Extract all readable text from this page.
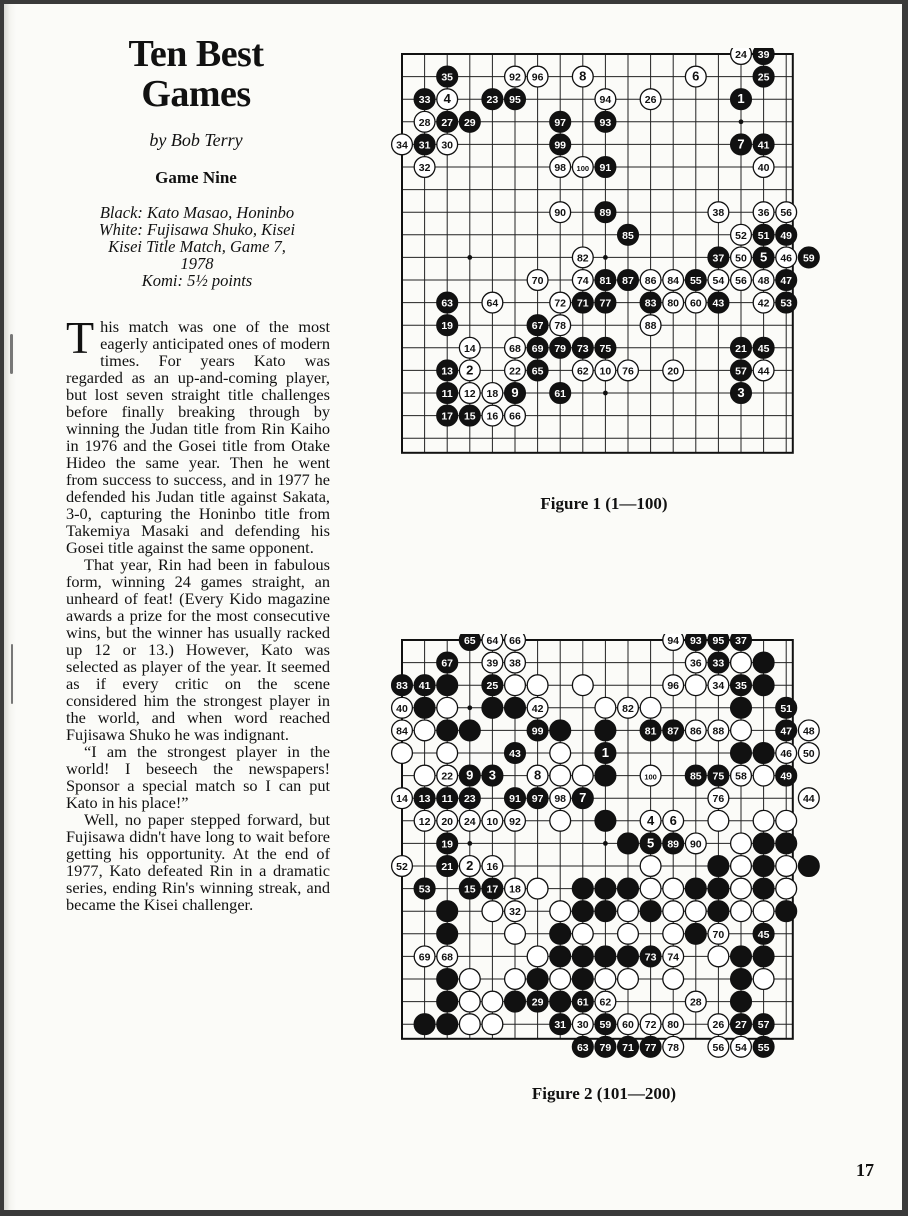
Ten Best Games
by Bob Terry
Game Nine
Black: Kato Masao, Honinbo
White: Fujisawa Shuko, Kisei
Kisei Title Match, Game 7,
1978
Komi: 5½ points

This match was one of the most eagerly anticipated ones of modern times. For years Kato was regarded as an up-and-coming player, but lost seven straight title challenges before finally breaking through by winning the Judan title from Rin Kaiho in 1976 and the Gosei title from Otake Hideo the same year. Then he went from success to success, and in 1977 he defended his Judan title against Sakata, 3-0, capturing the Honinbo title from Takemiya Masaki and defending his Gosei title against the same opponent.

That year, Rin had been in fabulous form, winning 24 games straight, an unheard of feat! (Every Kido magazine awards a prize for the most consecutive wins, but the winner has usually racked up 12 or 13.) However, Kato was selected as player of the year. It seemed as if every critic on the scene considered him the strongest player in the world, and when word reached Fujisawa Shuko he was indignant.

“I am the strongest player in the world! I beseech the newspapers! Sponsor a special match so I can put Kato in his place!”

Well, no paper stepped forward, but Fujisawa didn't have long to wait before getting his opportunity. At the end of 1977, Kato defeated Rin in a dramatic series, ending Rin's winning streak, and became the Kisei challenger.

24 39
35	92 96	8	6	25
33 4	23 95	94	26	1
28 27 29	97	93
34 31 30	99	7 41
32	98 100 91	40
90	89	38	36 56
85	52 51 49
82	37 50 5 46 59
70	74 81 87 86 84 55 54 56 48 47
63	64	72 71 77	83 80 60 43	42 53
19	67 78	88
14	68 69 79 73 75	21 45
13 2	22 65	62 10 76	20	57 44
11 12 18 9	61	3
17 15 16 66
Figure 1 (1—100)
65 64 66	94 93 95 37
67	39 38	36 33
83 41	25	96	34 35
40	42	82	51
84	99	81 87 86 88	47 48
43	1	46 50
22 9 3	8	100	85 75 58	49
14 13 11 23	91 97 98 7	76	44
12 20 24 10 92	4 6
19	5 89 90
52	21 2 16
53	15 17 18
32
70	45
69 68	73 74
29	61 62	28
31 30 59 60 72 80	26 27 57
63 79 71 77 78	56 54 55
Figure 2 (101—200)
17
